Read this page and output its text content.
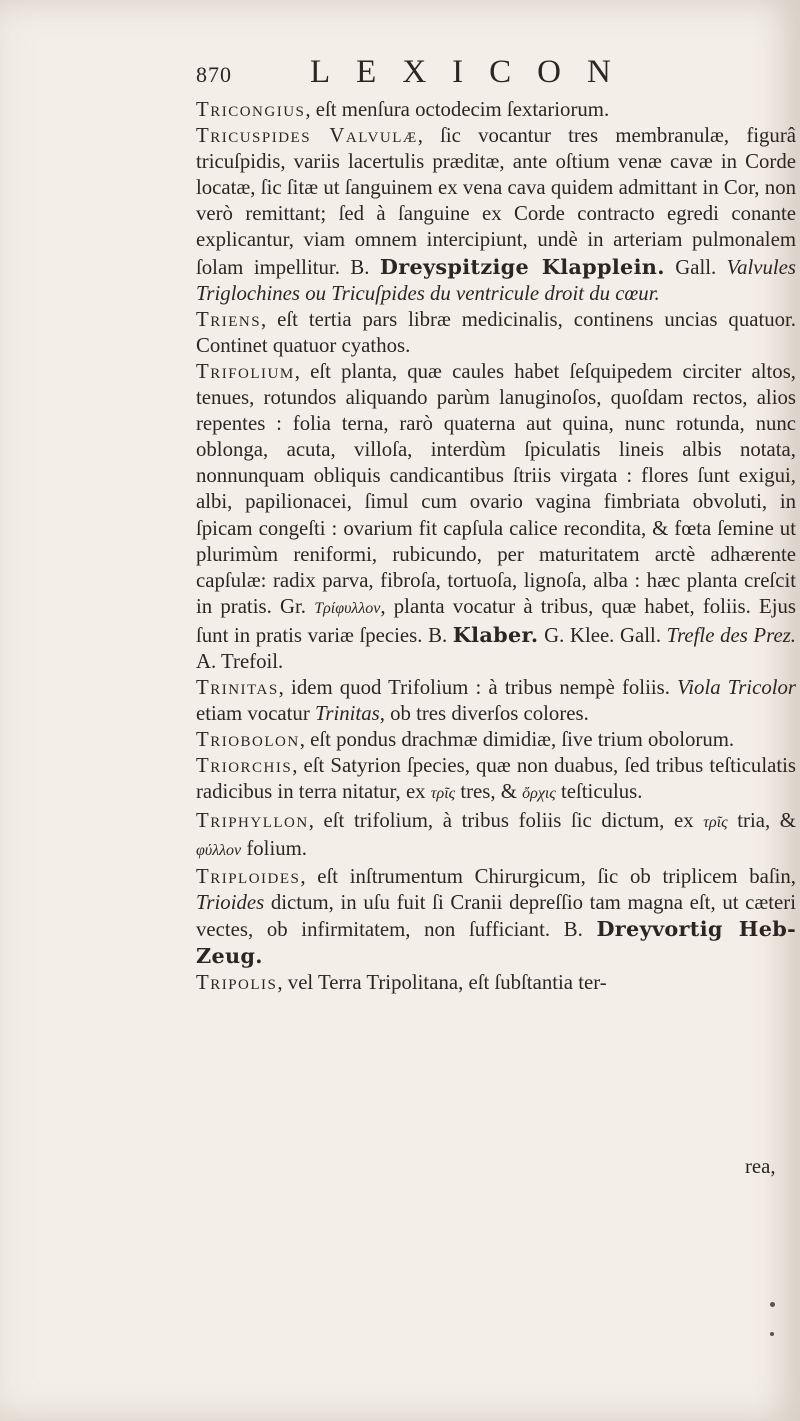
870 LEXICON

Tricongius, eſt menſura octodecim ſextariorum.

Tricuspides Valvulæ, ſic vocantur tres membranulæ, figurâ tricuſpidis, variis lacertulis præditæ, ante oſtium venæ cavæ in Corde locatæ, ſic ſitæ ut ſanguinem ex vena cava quidem admittant in Cor, non verò remittant; ſed à ſanguine ex Corde contracto egredi conante explicantur, viam omnem intercipiunt, undè in arteriam pulmonalem ſolam impellitur. B. Dreyspitzige Klapplein. Gall. Valvules Triglochines ou Tricuſpides du ventricule droit du cœur.

Triens, eſt tertia pars libræ medicinalis, continens uncias quatuor. Continet quatuor cyathos.

Trifolium, eſt planta, quæ caules habet ſeſquipedem circiter altos, tenues, rotundos aliquando parùm lanuginoſos, quoſdam rectos, alios repentes : folia terna, rarò quaterna aut quina, nunc rotunda, nunc oblonga, acuta, villoſa, interdùm ſpiculatis lineis albis notata, nonnunquam obliquis candicantibus ſtriis virgata : flores ſunt exigui, albi, papilionacei, ſimul cum ovario vagina fimbriata obvoluti, in ſpicam congeſti : ovarium fit capſula calice recondita, & fœta ſemine ut plurimùm reniformi, rubicundo, per maturitatem arctè adhærente capſulæ: radix parva, fibroſa, tortuoſa, lignoſa, alba : hæc planta creſcit in pratis. Gr. Τρίφυλλον, planta vocatur à tribus, quæ habet, foliis. Ejus ſunt in pratis variæ ſpecies. B. Klaber. G. Klee. Gall. Trefle des Prez. A. Trefoil.

Trinitas, idem quod Trifolium : à tribus nempè foliis. Viola Tricolor etiam vocatur Trinitas, ob tres diverſos colores.

Triobolon, eſt pondus drachmæ dimidiæ, ſive trium obolorum.

Triorchis, eſt Satyrion ſpecies, quæ non duabus, ſed tribus teſticulatis radicibus in terra nitatur, ex τρῖς tres, & ὄρχις teſticulus.

Triphyllon, eſt trifolium, à tribus foliis ſic dictum, ex τρῖς tria, & φύλλον folium.

Triploides, eſt inſtrumentum Chirurgicum, ſic ob triplicem baſin, Trioides dictum, in uſu fuit ſi Cranii depreſſio tam magna eſt, ut cæteri vectes, ob infirmitatem, non ſufficiant. B. Dreyvortig Heb-Zeug.

Tripolis, vel Terra Tripolitana, eſt ſubſtantia ter-

rea,
